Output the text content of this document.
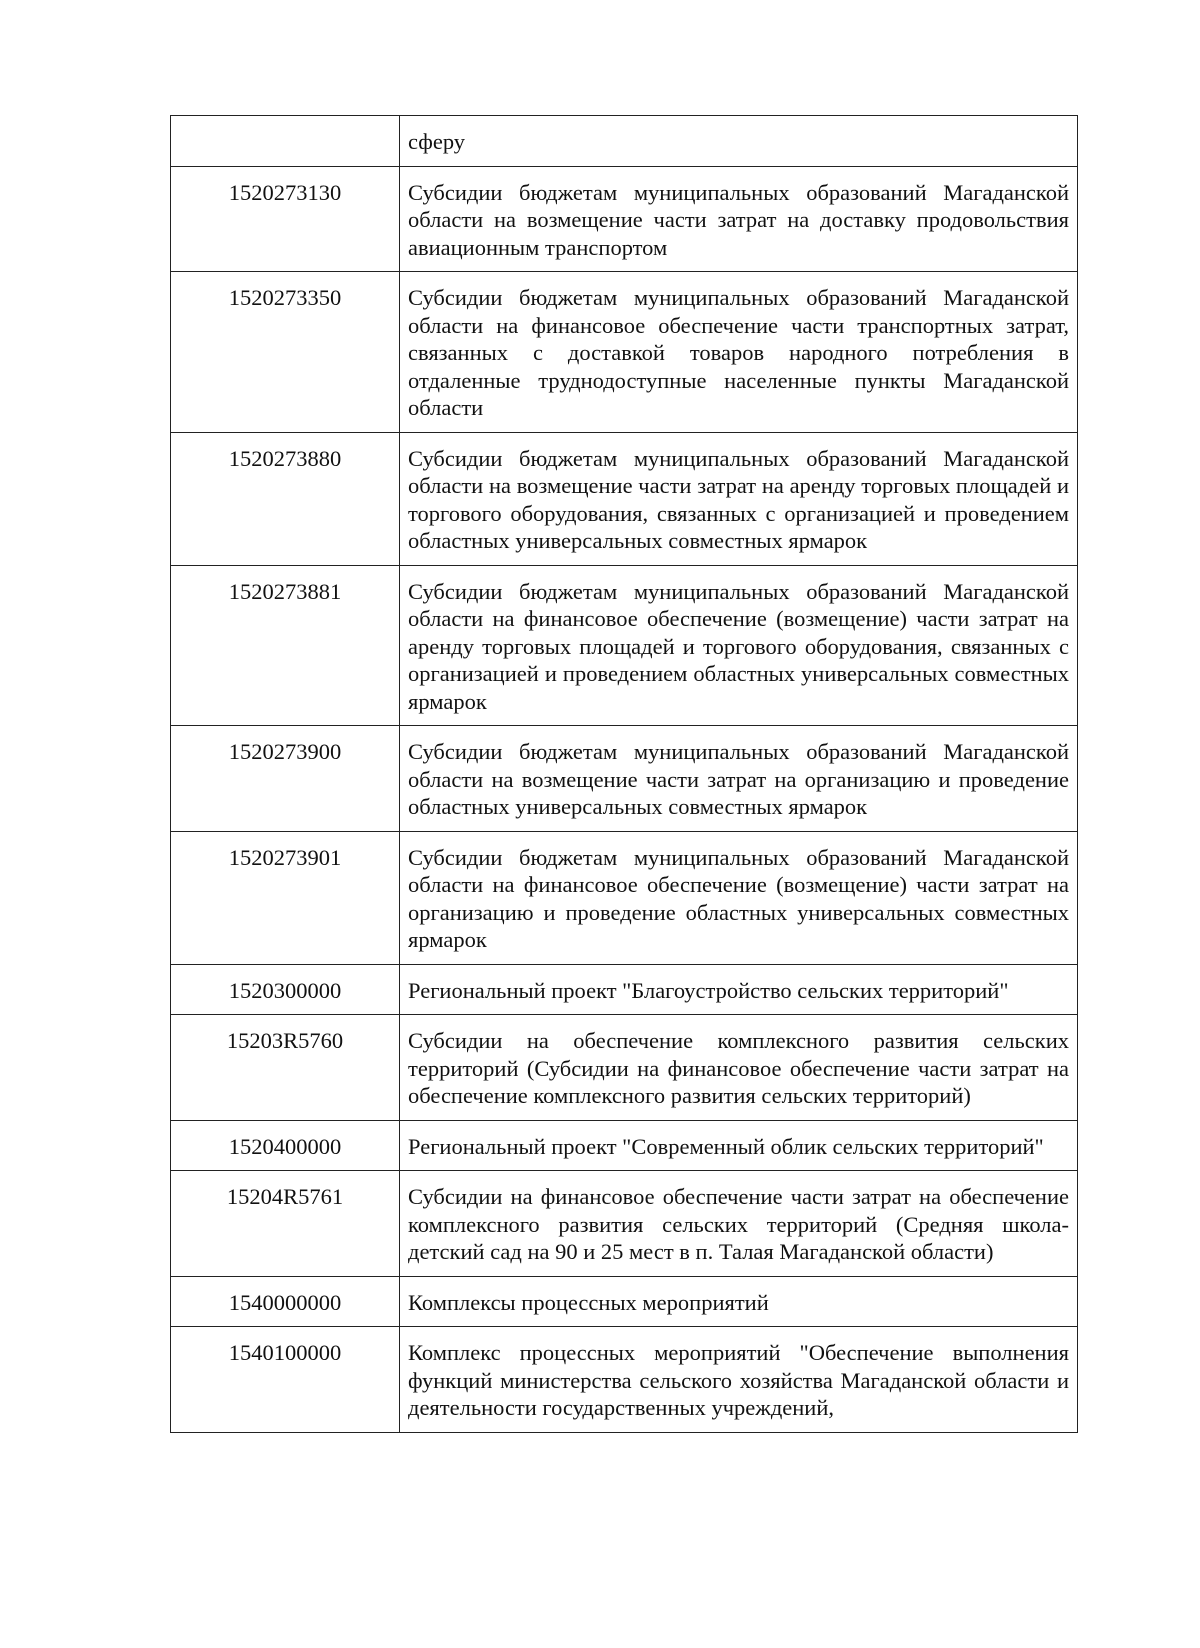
	сферу
1520273130	Субсидии бюджетам муниципальных образований Магаданской области на возмещение части затрат на доставку продовольствия авиационным транспортом
1520273350	Субсидии бюджетам муниципальных образований Магаданской области на финансовое обеспечение части транспортных затрат, связанных с доставкой товаров народного потребления в отдаленные труднодоступные населенные пункты Магаданской области
1520273880	Субсидии бюджетам муниципальных образований Магаданской области на возмещение части затрат на аренду торговых площадей и торгового оборудования, связанных с организацией и проведением областных универсальных совместных ярмарок
1520273881	Субсидии бюджетам муниципальных образований Магаданской области на финансовое обеспечение (возмещение) части затрат на аренду торговых площадей и торгового оборудования, связанных с организацией и проведением областных универсальных совместных ярмарок
1520273900	Субсидии бюджетам муниципальных образований Магаданской области на возмещение части затрат на организацию и проведение областных универсальных совместных ярмарок
1520273901	Субсидии бюджетам муниципальных образований Магаданской области на финансовое обеспечение (возмещение) части затрат на организацию и проведение областных универсальных совместных ярмарок
1520300000	Региональный проект "Благоустройство сельских территорий"
15203R5760	Субсидии на обеспечение комплексного развития сельских территорий (Субсидии на финансовое обеспечение части затрат на обеспечение комплексного развития сельских территорий)
1520400000	Региональный проект "Современный облик сельских территорий"
15204R5761	Субсидии на финансовое обеспечение части затрат на обеспечение комплексного развития сельских территорий (Средняя школа-детский сад на 90 и 25 мест в п. Талая Магаданской области)
1540000000	Комплексы процессных мероприятий
1540100000	Комплекс процессных мероприятий "Обеспечение выполнения функций министерства сельского хозяйства Магаданской области и деятельности государственных учреждений,
